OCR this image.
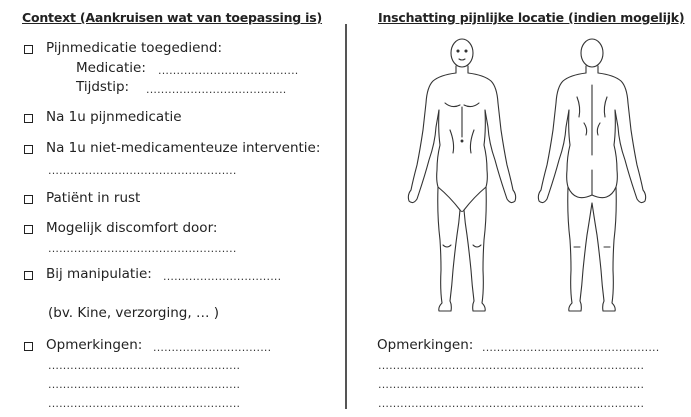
Context (Aankruisen wat van toepassing is)
Pijnmedicatie toegediend:
Medicatie: ......................................
Tijdstip: ......................................
Na 1u pijnmedicatie
Na 1u niet-medicamenteuze interventie:
...................................................
Patiënt in rust
Mogelijk discomfort door:
...................................................
Bij manipulatie: ................................
(bv. Kine, verzorging, … )
Opmerkingen: ................................
....................................................
....................................................
....................................................
Inschatting pijnlijke locatie (indien mogelijk)
Opmerkingen: ................................................
........................................................................
........................................................................
........................................................................
